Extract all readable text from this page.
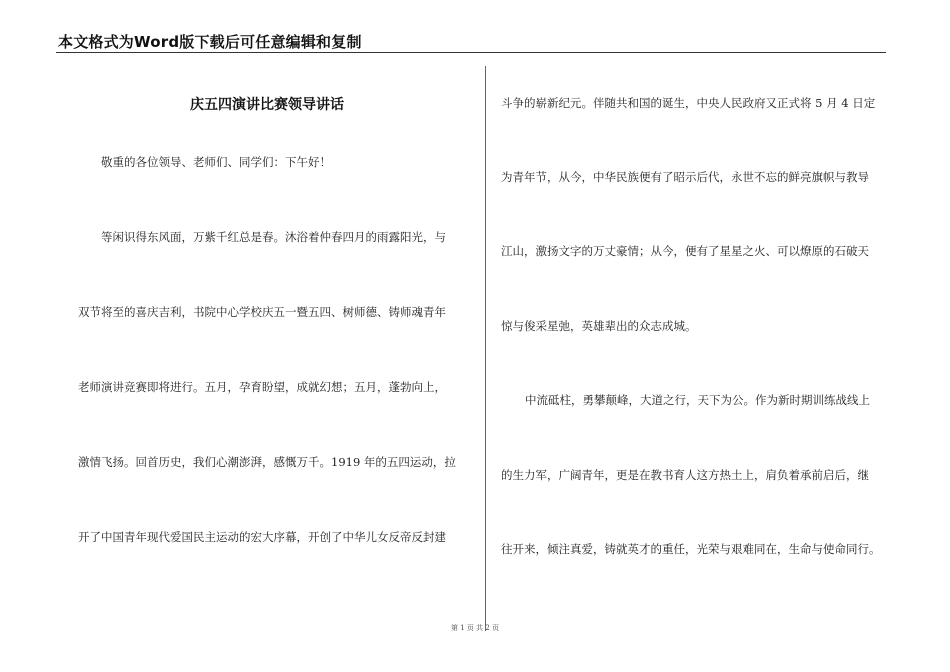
本文格式为Word版下载后可任意编辑和复制
庆五四演讲比赛领导讲话
敬重的各位领导、老师们、同学们：下午好！
等闲识得东风面，万紫千红总是春。沐浴着仲春四月的雨露阳光，与
双节将至的喜庆吉利，书院中心学校庆五一暨五四、树师德、铸师魂青年
老师演讲竞赛即将进行。五月，孕育盼望，成就幻想；五月，蓬勃向上，
激情飞扬。回首历史，我们心潮澎湃，感慨万千。1919 年的五四运动，拉
开了中国青年现代爱国民主运动的宏大序幕，开创了中华儿女反帝反封建
斗争的崭新纪元。伴随共和国的诞生，中央人民政府又正式将 5 月 4 日定
为青年节，从今，中华民族便有了昭示后代，永世不忘的鲜亮旗帜与教导
江山，激扬文字的万丈豪情；从今，便有了星星之火、可以燎原的石破天
惊与俊采星弛，英雄辈出的众志成城。
中流砥柱，勇攀颠峰，大道之行，天下为公。作为新时期训练战线上
的生力军，广阔青年，更是在教书育人这方热土上，肩负着承前启后，继
往开来，倾注真爱，铸就英才的重任，光荣与艰难同在，生命与使命同行。
第 1 页 共 2 页
